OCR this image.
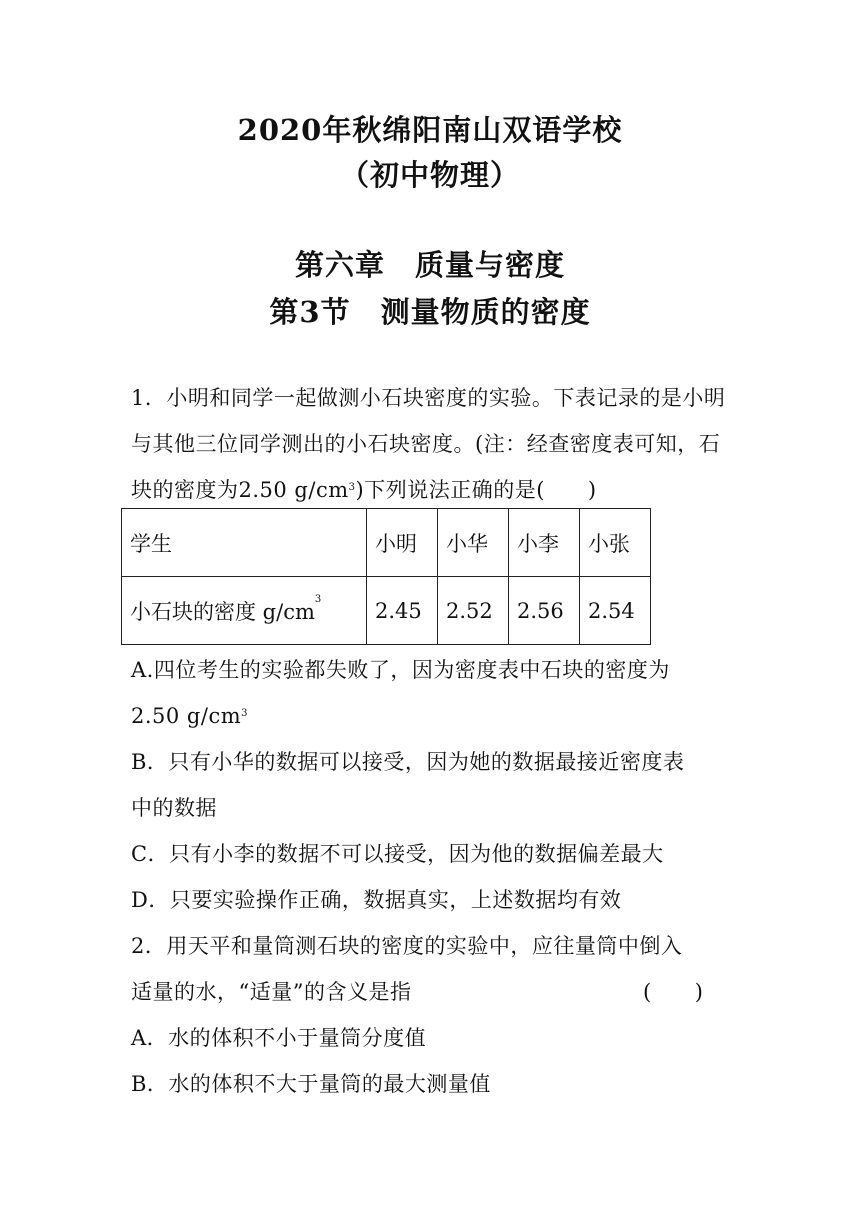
2020年秋绵阳南山双语学校
（初中物理）
第六章　质量与密度
第3节　测量物质的密度
1．小明和同学一起做测小石块密度的实验。下表记录的是小明与其他三位同学测出的小石块密度。(注：经查密度表可知，石块的密度为2.50 $g/cm^3$)下列说法正确的是(　　)
学生	小明	小华	小李	小张
小石块的密度 $g/cm^3$	2.45	2.52	2.56	2.54
A.四位考生的实验都失败了，因为密度表中石块的密度为
2.50 $g/cm^3$
B．只有小华的数据可以接受，因为她的数据最接近密度表
中的数据
C．只有小李的数据不可以接受，因为他的数据偏差最大
D．只要实验操作正确，数据真实，上述数据均有效
2．用天平和量筒测石块的密度的实验中，应往量筒中倒入
适量的水，“适量”的含义是指	(　　)
A．水的体积不小于量筒分度值
B．水的体积不大于量筒的最大测量值
